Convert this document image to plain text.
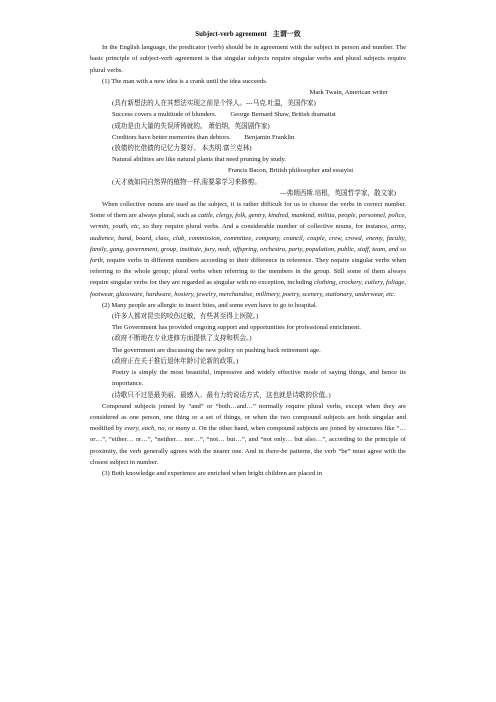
Subject-verb agreement 主谓一致
In the English language, the predicator (verb) should be in agreement with the subject in person and number. The basic principle of subject-verb agreement is that singular subjects require singular verbs and plural subjects require plural verbs.
(1) The man with a new idea is a crank until the idea succeeds.
Mark Twain, American writer
(具有新想法的人在其想法实现之前是个怪人。---马克.吐温，美国作家)
Success covers a multitude of blunders. George Bernard Shaw, British dramatist
(成功是由大量的失误所铸就的。 萧伯纳，英国剧作家)
Creditors have better memories than debtors. Benjamin Franklin
(放债的比借债的记忆力要好。 本杰明.富兰克林)
Natural abilities are like natural plants that need pruning by study.
Francis Bacon, British philosopher and essayist
(天才就如同自然界的植物一样,需要靠学习来修剪。
---弗朗西斯.培根，英国哲学家，散文家)
When collective nouns are used as the subject, it is rather difficult for us to choose the verbs in correct number. Some of them are always plural, such as cattle, clergy, folk, gentry, kindred, mankind, militia, people, personnel, police, vermin, youth, etc, so they require plural verbs. And a considerable number of collective nouns, for instance, army, audience, band, board, class, club, commission, committee, company, council, couple, crew, crowd, enemy, faculty, family, gang, government, group, institute, jury, mob, offspring, orchestra, party, population, public, staff, team, and so forth, require verbs in different numbers according to their difference in reference. They require singular verbs when referring to the whole group; plural verbs when referring to the members in the group. Still some of them always require singular verbs for they are regarded as singular with no exception, including clothing, crockery, cutlery, foliage, footwear, glassware, hardware, hosiery, jewelry, merchandise, millinery, poetry, scenery, stationary, underwear, etc.
(2) Many people are allergic to insect bites, and some even have to go to hospital.
(许多人都对昆虫的咬伤过敏，有些甚至得上医院。)
The Government has provided ongoing support and opportunities for professional enrichment.
(政府不断地在专业进修方面提供了支持和机会。)
The government are discussing the new policy on pushing back retirement age.
(政府正在关于推后退休年龄讨论新的政策。)
Poetry is simply the most beautiful, impressive and widely effective mode of saying things, and hence its importance.
(诗歌只不过是最美丽、最感人、最有力的说话方式，这也就是诗歌的价值。)
Compound subjects joined by “and” or “both…and…” normally require plural verbs, except when they are considered as one person, one thing or a set of things, or when the two compound subjects are both singular and modified by every, each, no, or many a. On the other hand, when compound subjects are joined by structures like “… or…”, “either… or…”, “neither… nor…”, “not… but…”, and “not only… but also…”, according to the principle of proximity, the verb generally agrees with the nearer one. And in there-be patterns, the verb “be” must agree with the closest subject in number.
(3) Both knowledge and experience are enriched when bright children are placed in
